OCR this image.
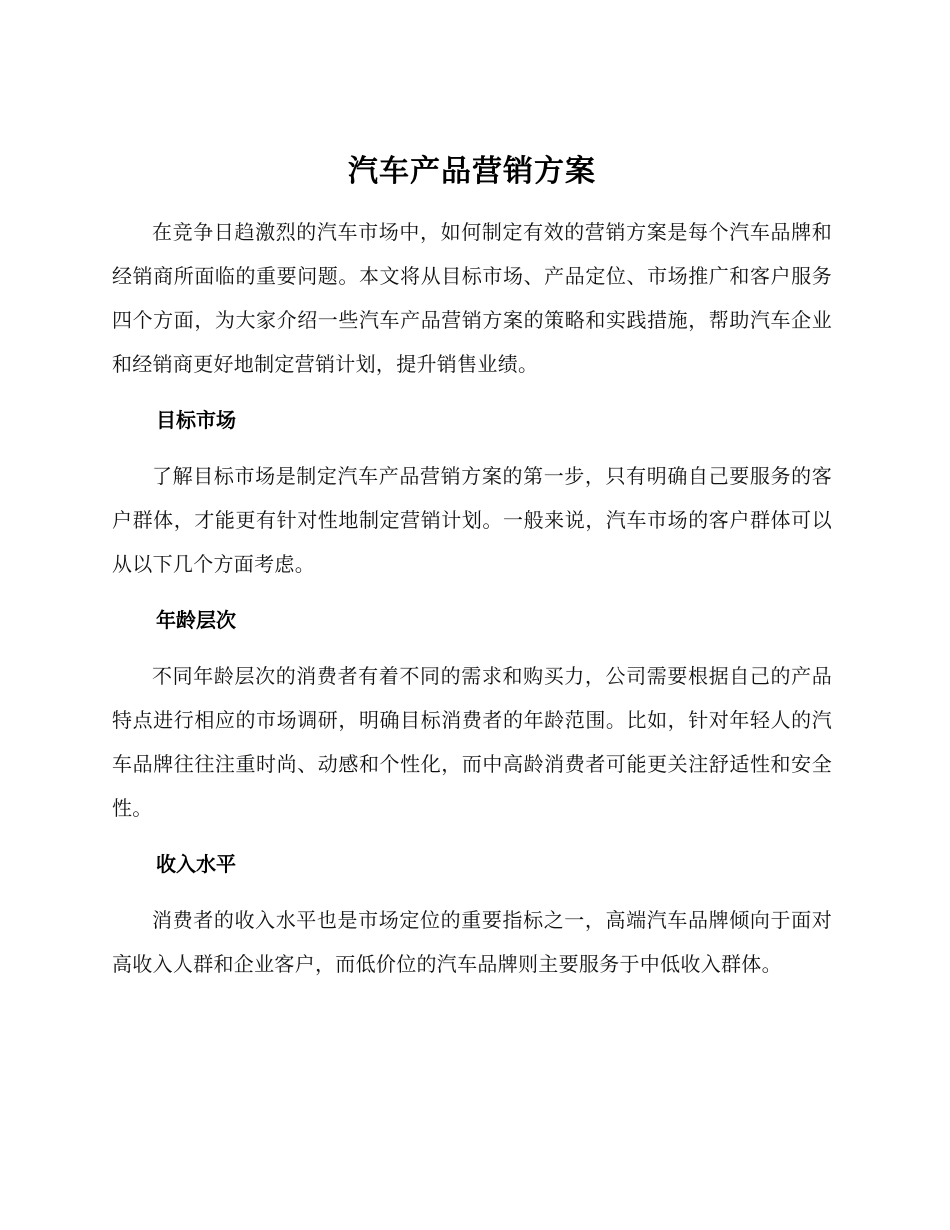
汽车产品营销方案

在竞争日趋激烈的汽车市场中，如何制定有效的营销方案是每个汽车品牌和经销商所面临的重要问题。本文将从目标市场、产品定位、市场推广和客户服务四个方面，为大家介绍一些汽车产品营销方案的策略和实践措施，帮助汽车企业和经销商更好地制定营销计划，提升销售业绩。

目标市场

了解目标市场是制定汽车产品营销方案的第一步，只有明确自己要服务的客户群体，才能更有针对性地制定营销计划。一般来说，汽车市场的客户群体可以从以下几个方面考虑。

年龄层次

不同年龄层次的消费者有着不同的需求和购买力，公司需要根据自己的产品特点进行相应的市场调研，明确目标消费者的年龄范围。比如，针对年轻人的汽车品牌往往注重时尚、动感和个性化，而中高龄消费者可能更关注舒适性和安全性。

收入水平

消费者的收入水平也是市场定位的重要指标之一，高端汽车品牌倾向于面对高收入人群和企业客户，而低价位的汽车品牌则主要服务于中低收入群体。
